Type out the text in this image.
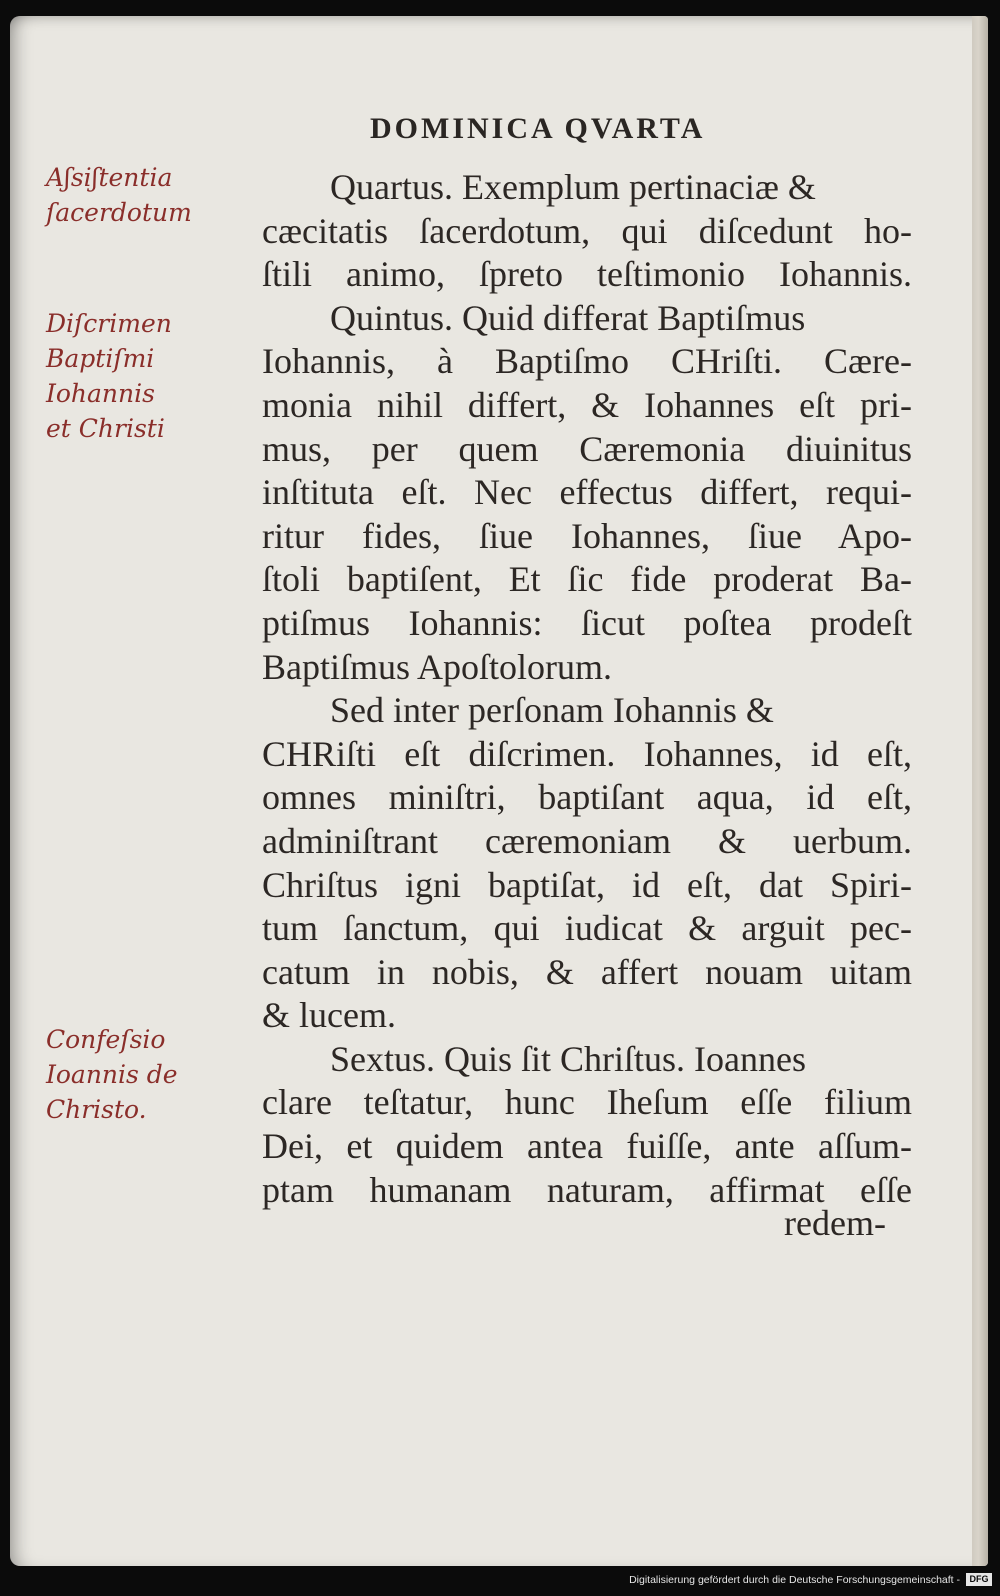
DOMINICA QVARTA
Aʃsiʃtentia
ſacerdotum
Diſcrimen
Baptiſmi
Iohannis
et Christi
Confeſsio
Ioannis de
Christo.
Quartus. Exemplum pertinaciæ &
cæcitatis ſacerdotum, qui diſcedunt ho-
ſtili animo, ſpreto teſtimonio Iohannis.
Quintus. Quid differat Baptiſmus
Iohannis, à Baptiſmo CHriſti. Cære-
monia nihil differt, & Iohannes eſt pri-
mus, per quem Cæremonia diuinitus
inſtituta eſt. Nec effectus differt, requi-
ritur fides, ſiue Iohannes, ſiue Apo-
ſtoli baptiſent, Et ſic fide proderat Ba-
ptiſmus Iohannis: ſicut poſtea prodeſt
Baptiſmus Apoſtolorum.
Sed inter perſonam Iohannis &
CHRiſti eſt diſcrimen. Iohannes, id eſt,
omnes miniſtri, baptiſant aqua, id eſt,
adminiſtrant cæremoniam & uerbum.
Chriſtus igni baptiſat, id eſt, dat Spiri-
tum ſanctum, qui iudicat & arguit pec-
catum in nobis, & affert nouam uitam
& lucem.
Sextus. Quis ſit Chriſtus. Ioannes
clare teſtatur, hunc Iheſum eſſe filium
Dei, et quidem antea fuiſſe, ante aſſum-
ptam humanam naturam, affirmat eſſe
redem-
Digitalisierung gefördert durch die Deutsche Forschungsgemeinschaft -	DFG
